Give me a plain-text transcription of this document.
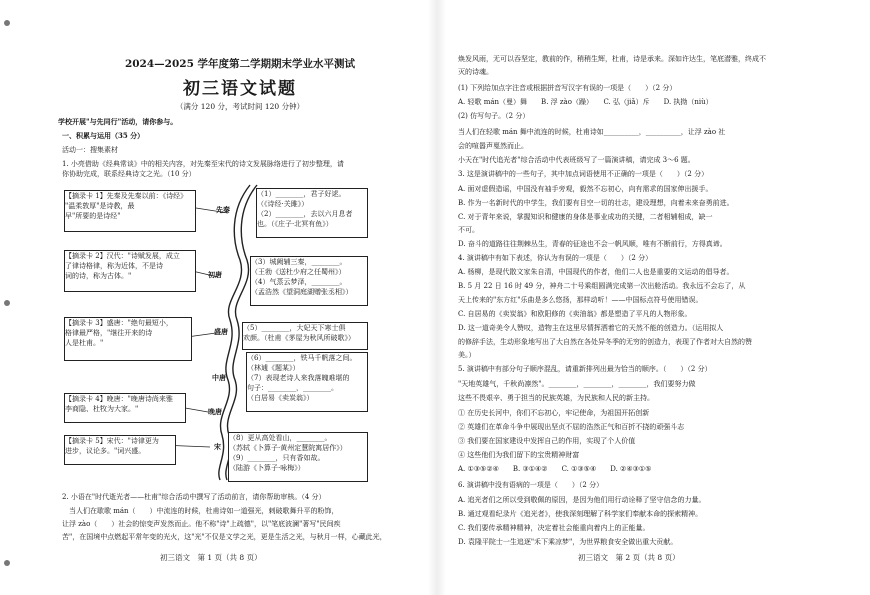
2024—2025 学年度第二学期期末学业水平测试
初三语文试题
（满分 120 分，考试时间 120 分钟）
学校开展"与先同行"活动，请你参与。
一、积累与运用（35 分）
活动一：搜集素材
1. 小亮借助《经典常谈》中的相关内容，对先秦至宋代的诗文发展脉络进行了初步整理，请
你协助完成，联系经典诗文之光。（10 分）
【摘录卡 1】先秦及先秦以前：《诗经》
"温柔敦厚"是诗教，最
早"所要的是诗经"
【摘录卡 2】汉代："诗赋发展，成立
了律诗格律，称为近体，不是诗
词的诗，称为古体。"
【摘录卡 3】盛唐："绝句最短小，
格律最严格，"继往开来的诗
人是杜甫。"
【摘录卡 4】晚唐："晚唐诗尚来雅
李商隐、杜牧为大家。"
【摘录卡 5】宋代："诗律更为
进步，议论多。"词兴盛。
先秦
初唐
盛唐
中唐
晚唐
宋
（1）________，君子好逑。
（《诗经·关雎》）
（2）________，去以六月息者
也。（《庄子·北冥有鱼》）
（3）城阙辅三秦，________。
（王勃《送杜少府之任蜀州》）
（4）气蒸云梦泽，________。
（孟浩然《望洞庭湖赠张丞相》）
（5）________，大妃天下寒士俱
欢颜。（杜甫《茅屋为秋风所破歌》）
（6）________，铁马千帆落之间。
（林逋《题某》）
（7）表现老诗人来我落魄难堪的
句子：________，________。
（白居易《卖炭翁》）
（8）更从高处看山，________。
（苏轼《卜算子·黄州定慧院寓居作》）
（9）________，只有香如故。
（陆游《卜算子·咏梅》）
2. 小语在"时代逝光者——杜甫"综合活动中撰写了活动前言，请你帮助审核。（4 分）
　当人们在歇歌 mán（　　）中流连的时候，杜甫诗如一道强光，刺破歌舞升平的粉饰，
让浮 zào（　　）社会的惊变声发然而止。他不称"诗"上疏德"，以"笔底波澜"著写"民间疾
苦"，在国境中点燃起平常年变的光火，这"光"不仅是文学之光，更是生活之光，与秋月一样，心藏此光，
初三语文　第 1 页（共 8 页）
焕发风雨，无可以吞坚定，教前的作，稍稍生辉，杜甫，诗是承来。深如许达生，笔底潜雅，终成不
灭的诗魂。
(1) 下列给加点字注音或根据拼音写汉字有误的一项是（　　）（2 分）
A. 轻歌 mán（曼）舞　　B. 浮 zào（躁）　　C. 弘（jiǎ）斥　　D. 执拗（niù）
(2) 仿写句子。（2 分）
当人们在轻歌 mán 舞中流连的时候，杜甫诗如__________，__________，让浮 zào 社
会的喧嚣声戛然而止。
小天在"时代追光者"综合活动中代表班级写了一篇演讲稿，请完成 3～6 题。
3. 这是演讲稿中的一些句子，其中加点词语使用不正确的一项是（　　）（2 分）
A. 面对虚假造谣，中国没有袖手旁观，毅然不忘初心，向有需求的国家伸出援手。
B. 作为一名新时代的中学生，我们要有目空一切的壮志，建设理想，向着未来奋勇前进。
C. 对于青年来说，掌握知识和健康的身体是事业成功的关键，二者相辅相成，缺一
不可。
D. 奋斗的道路往往荆棘丛生，青春的征途也不会一帆风顺，唯有不断前行，方得真谛。
4. 演讲稿中有如下表述，你认为有误的一项是（　　）（2 分）
A. 杨柳，是现代散文家朱自清，中国现代的作者，他们二人也是重要的文运动的倡导者。
B. 5 月 22 日 16 时 49 分，神舟二十号乘组圆满完成第一次出舱活动。我永远不会忘了，从
天上传来的"东方红"乐曲是多么悠扬，那样动听！——中国标点符号使用错误。
C. 自居易的《卖炭翁》和欧阳修的《卖油翁》都是塑造了平凡的人物形象。
D. 这一道奇美令人赞叹，造物主在这里尽情挥洒着它的天然不能的创造力。（运用拟人
的修辞手法，生动形象地写出了大自然在各处异冬季的无穷的创造力，表现了作者对大自然的赞
美。）
5. 演讲稿中有部分句子顺序混乱，请重新排列出最为恰当的顺序。（　　）（2 分）
"天地英雄气，千秋尚凛然"。________，________，________，我们要努力做
这些不畏艰辛、勇于担当的民族英雄，为民族和人民的新主持。
① 在历史长河中，你们不忘初心，牢记使命，为祖国开拓创新
② 英雄们在革命斗争中展现出坚贞不屈的浩然正气和百折不挠的顽强斗志
③ 我们要在国家建设中发挥自己的作用，实现了个人价值
④ 这些他们为我们留下的宝贵精神财富
A. ①③⑤②④　　B. ③①④②　　C. ①③⑤④　　D. ②④③①⑤
6. 演讲稿中没有语病的一项是（　　）（2 分）
A. 追光者们之所以受到敬佩的原因，是因为他们用行动诠释了坚守信念的力量。
B. 通过观看纪录片《追光者》，使我深刻理解了科学家们奉献本命的探索精神。
C. 我们要传承精神精神，决定着社会能重向着内上的正能量。
D. 袁隆平院士一生追逐"禾下乘凉梦"，为世界粮食安全做出重大贡献。
初三语文　第 2 页（共 8 页）
